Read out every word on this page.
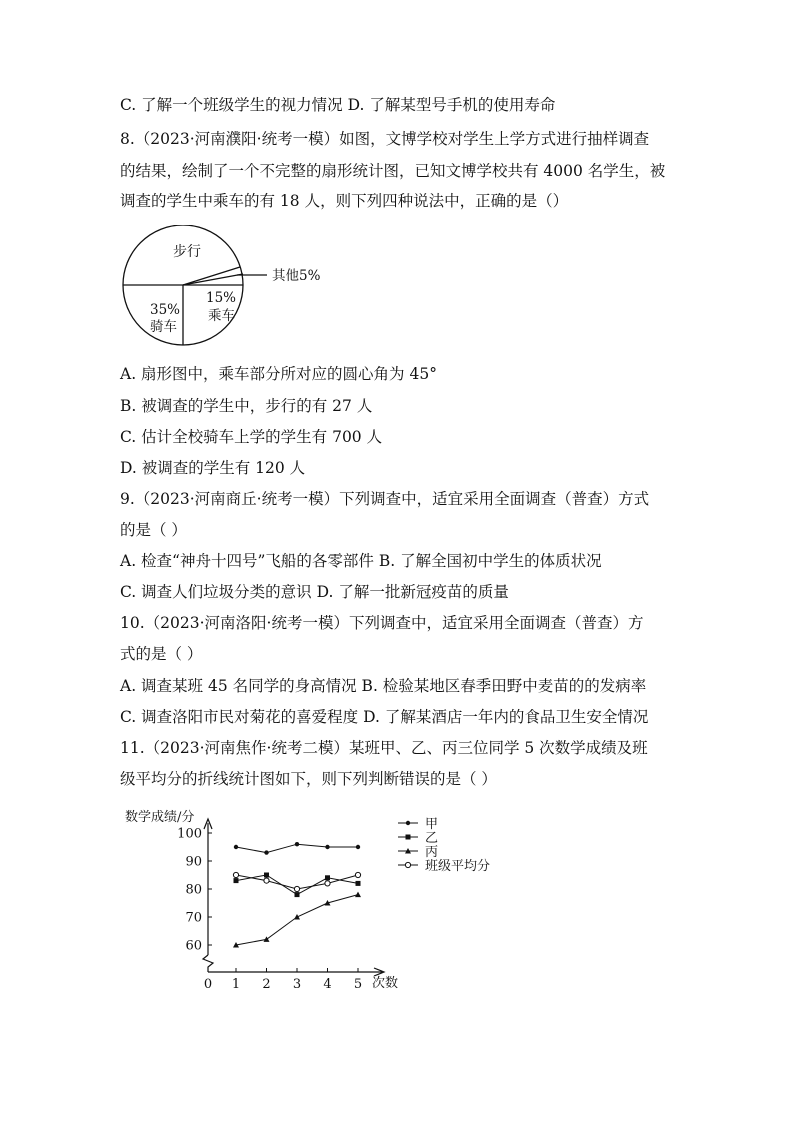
C. 了解一个班级学生的视力情况 D. 了解某型号手机的使用寿命
8.（2023·河南濮阳·统考一模）如图，文博学校对学生上学方式进行抽样调查
的结果，绘制了一个不完整的扇形统计图，已知文博学校共有 4000 名学生，被
调查的学生中乘车的有 18 人，则下列四种说法中，正确的是（）
步行
其他5%
15%
乘车
35%
骑车
A. 扇形图中，乘车部分所对应的圆心角为 45°
B. 被调查的学生中，步行的有 27 人
C. 估计全校骑车上学的学生有 700 人
D. 被调查的学生有 120 人
9.（2023·河南商丘·统考一模）下列调查中，适宜采用全面调查（普查）方式
的是（ ）
A. 检查“神舟十四号”飞船的各零部件 B. 了解全国初中学生的体质状况
C. 调查人们垃圾分类的意识 D. 了解一批新冠疫苗的质量
10.（2023·河南洛阳·统考一模）下列调查中，适宜采用全面调查（普查）方
式的是（ ）
A. 调查某班 45 名同学的身高情况 B. 检验某地区春季田野中麦苗的的发病率
C. 调查洛阳市民对菊花的喜爱程度 D. 了解某酒店一年内的食品卫生安全情况
11.（2023·河南焦作·统考二模）某班甲、乙、丙三位同学 5 次数学成绩及班
级平均分的折线统计图如下，则下列判断错误的是（ ）
数学成绩/分
次数
60
70
80
90
100
0 1 2 3 4 5
甲
乙
丙
班级平均分
